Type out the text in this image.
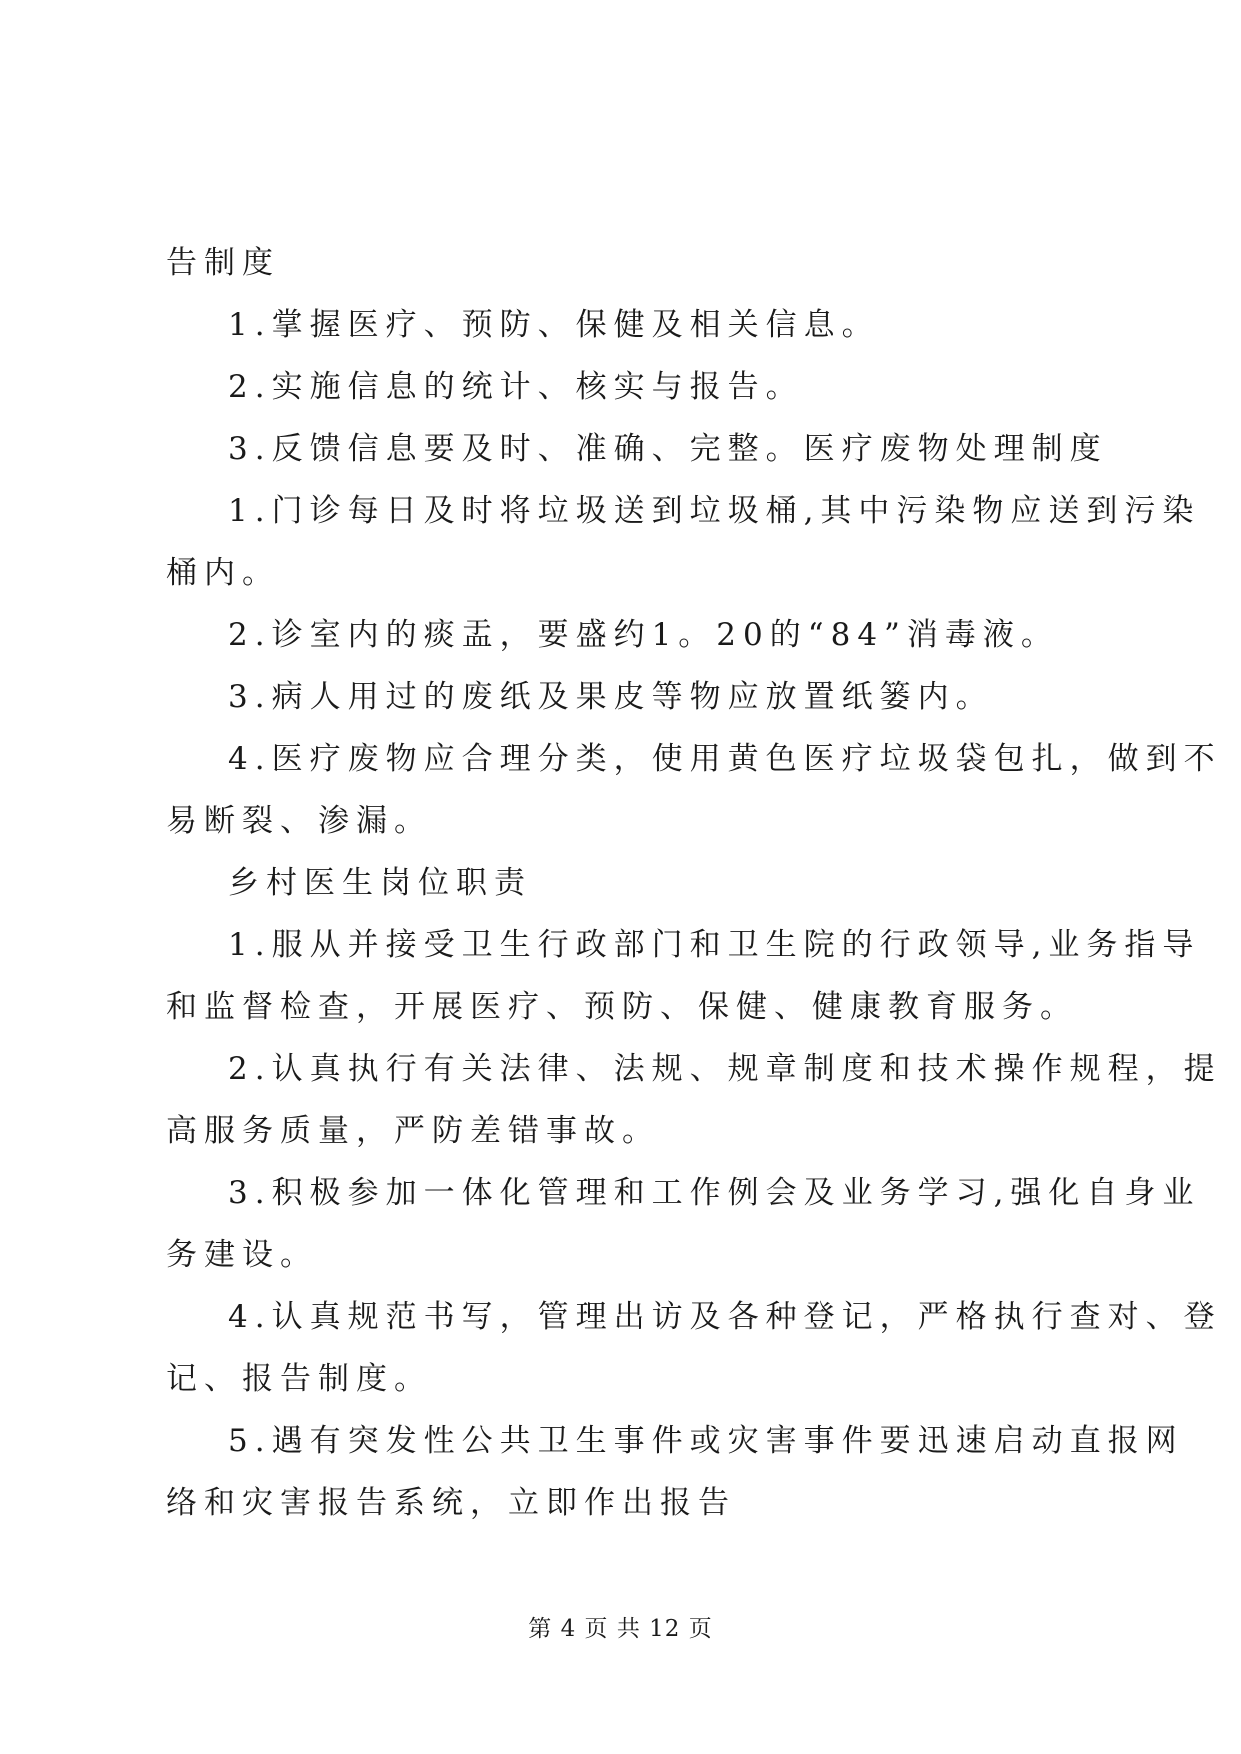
告制度
1.掌握医疗、预防、保健及相关信息。
2.实施信息的统计、核实与报告。
3.反馈信息要及时、准确、完整。医疗废物处理制度
1.门诊每日及时将垃圾送到垃圾桶,其中污染物应送到污染
桶内。
2.诊室内的痰盂，要盛约1。20的“84”消毒液。
3.病人用过的废纸及果皮等物应放置纸篓内。
4.医疗废物应合理分类，使用黄色医疗垃圾袋包扎，做到不
易断裂、渗漏。
乡村医生岗位职责
1.服从并接受卫生行政部门和卫生院的行政领导,业务指导
和监督检查，开展医疗、预防、保健、健康教育服务。
2.认真执行有关法律、法规、规章制度和技术操作规程，提
高服务质量，严防差错事故。
3.积极参加一体化管理和工作例会及业务学习,强化自身业
务建设。
4.认真规范书写，管理出访及各种登记，严格执行查对、登
记、报告制度。
5.遇有突发性公共卫生事件或灾害事件要迅速启动直报网
络和灾害报告系统，立即作出报告
第 4 页 共 12 页
